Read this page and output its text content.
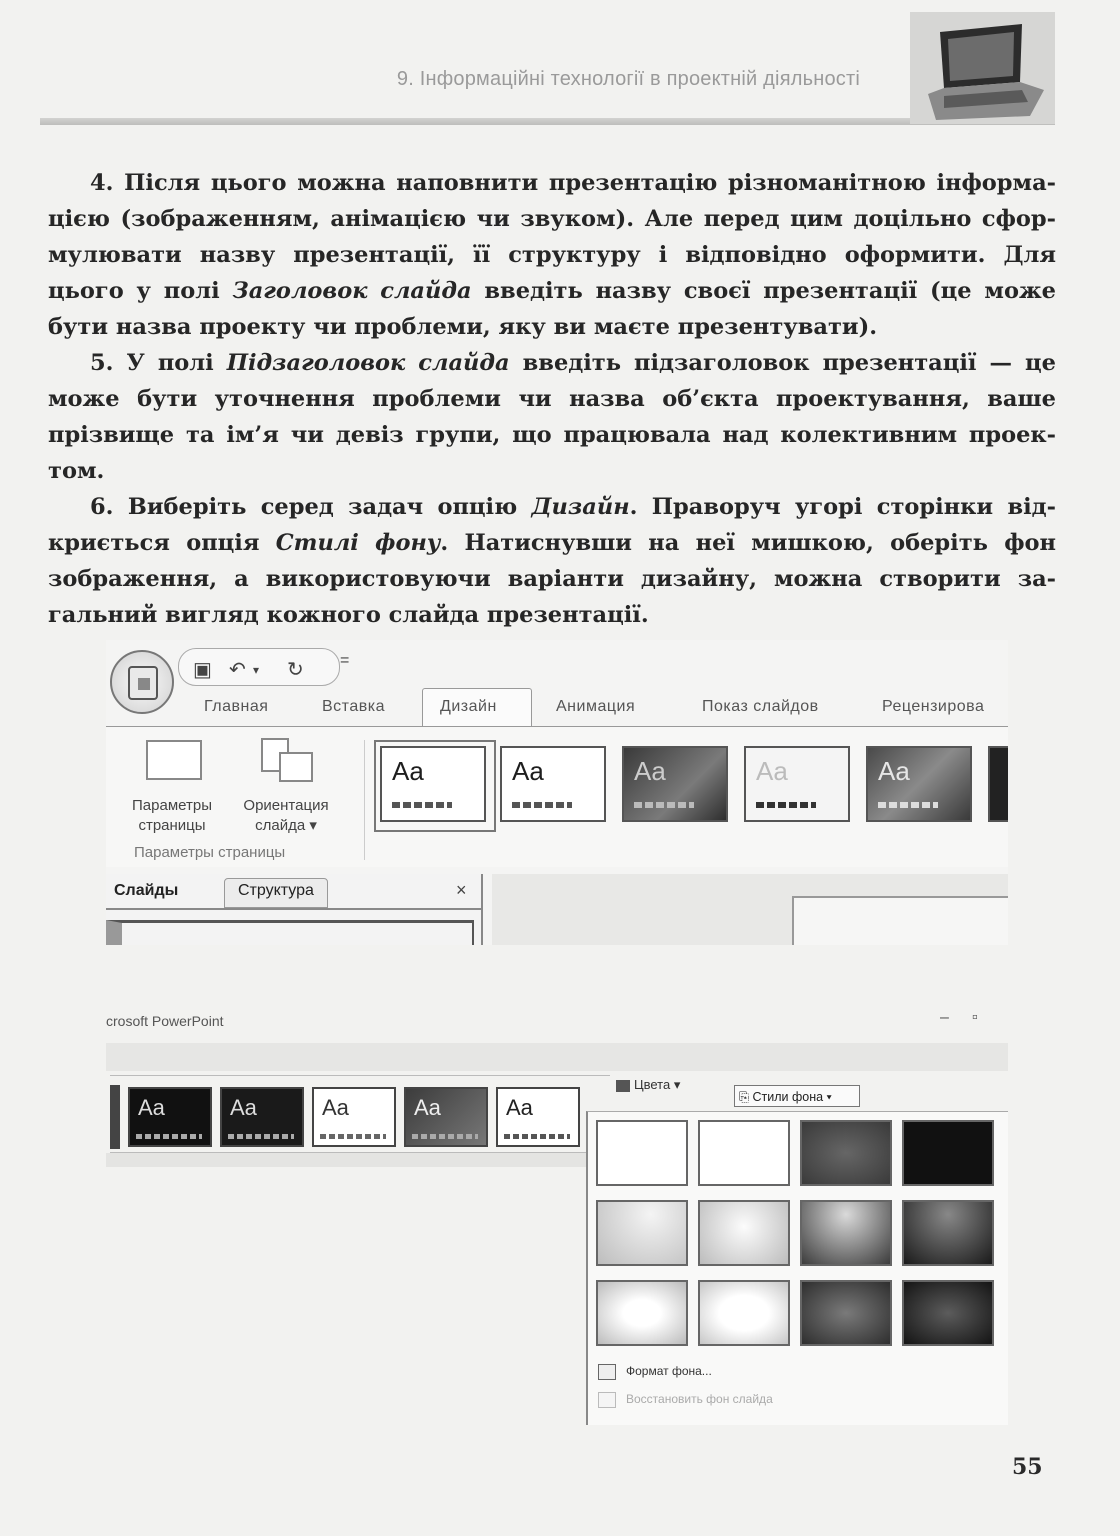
9. Інформаційні технології в проектній діяльності

4. Після цього можна наповнити презентацію різноманітною інформацією (зображенням, анімацією чи звуком). Але перед цим доцільно сформулювати назву презентації, її структуру і відповідно оформити. Для цього у полі Заголовок слайда введіть назву своєї презентації (це може бути назва проекту чи проблеми, яку ви маєте презентувати).

5. У полі Підзаголовок слайда введіть підзаголовок презентації — це може бути уточнення проблеми чи назва об’єкта проектування, ваше прізвище та ім’я чи девіз групи, що працювала над колективним проектом.

6. Виберіть серед задач опцію Дизайн. Праворуч угорі сторінки відкриється опція Стилі фону. Натиснувши на неї мишкою, оберіть фон зображення, а використовуючи варіанти дизайну, можна створити загальний вигляд кожного слайда презентації.

▣ ↶ ▾ ↻ =
Главная	Вставка	Дизайн	Анимация	Показ слайдов	Рецензирова
Параметры страницы
Ориентация слайда ▾
Параметры страницы
Aa	Aa	Aa	Aa	Aa
Слайды	Структура	×
crosoft PowerPoint	– ▫
Aa	Aa	Aa	Aa	Aa
Цвета ▾
⎘ Стили фона ▾
Формат фона...
Восстановить фон слайда
55
